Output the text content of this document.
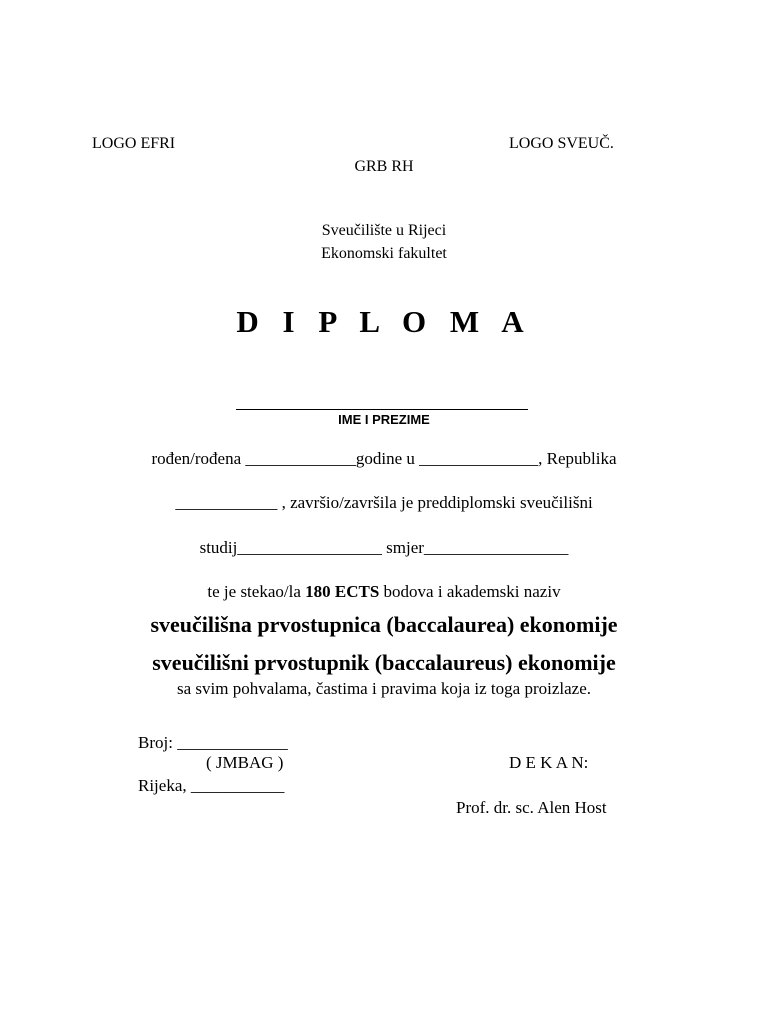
LOGO EFRI	LOGO SVEUČ.
GRB RH
Sveučilište u Rijeci
Ekonomski fakultet
D I P L O M A
IME I PREZIME
rođen/rođena _____________godine u ______________, Republika
____________ , završio/završila je preddiplomski sveučilišni
studij_________________ smjer_________________
te je stekao/la 180 ECTS bodova i akademski naziv
sveučilišna prvostupnica (baccalaurea) ekonomije
sveučilišni prvostupnik (baccalaureus) ekonomije
sa svim pohvalama, častima i pravima koja iz toga proizlaze.
Broj: _____________
( JMBAG )	D E K A N:
Rijeka, ___________
Prof. dr. sc. Alen Host
